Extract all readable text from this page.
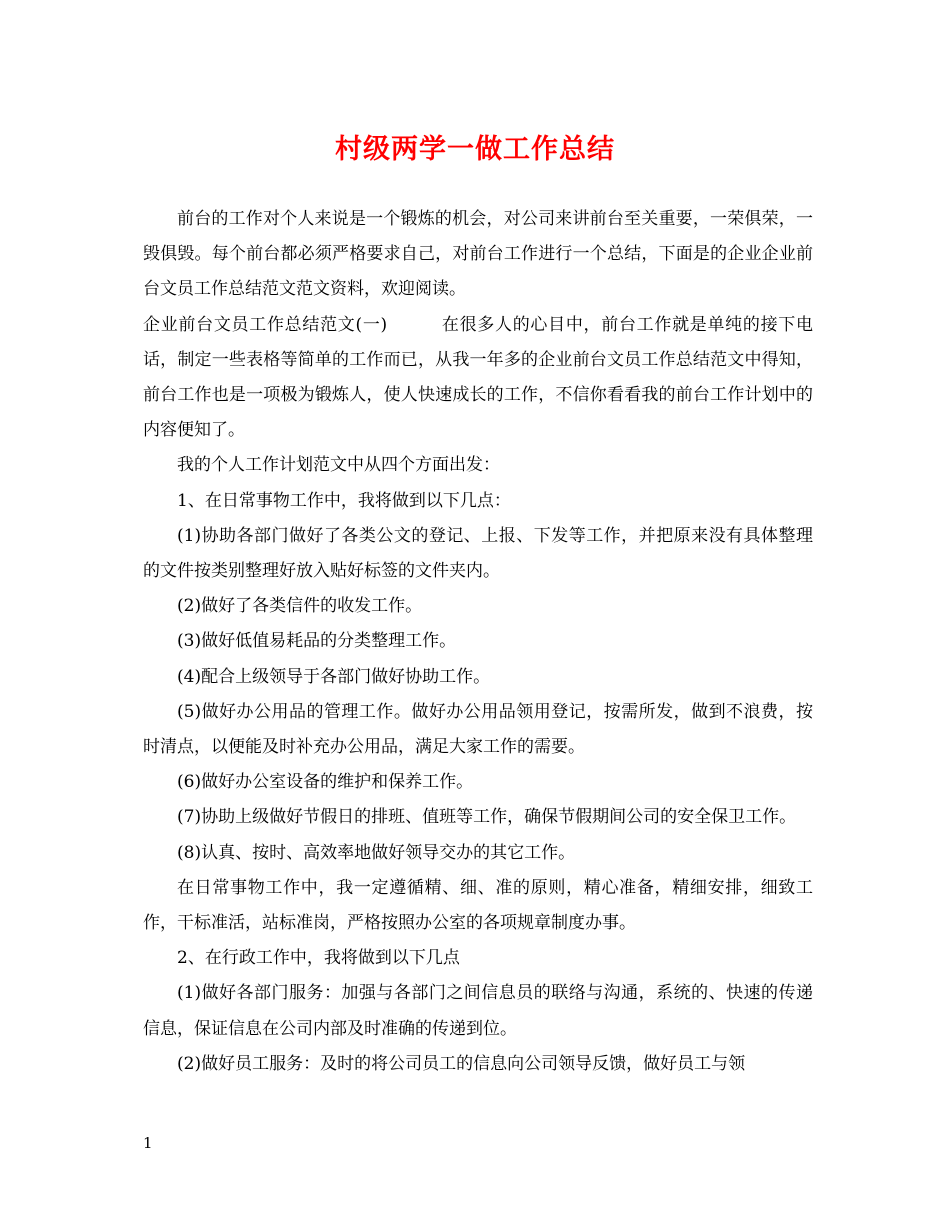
村级两学一做工作总结

前台的工作对个人来说是一个锻炼的机会，对公司来讲前台至关重要，一荣俱荣，一毁俱毁。每个前台都必须严格要求自己，对前台工作进行一个总结，下面是的企业企业前台文员工作总结范文范文资料，欢迎阅读。

企业前台文员工作总结范文(一)	在很多人的心目中，前台工作就是单纯的接下电话，制定一些表格等简单的工作而已，从我一年多的企业前台文员工作总结范文中得知，前台工作也是一项极为锻炼人，使人快速成长的工作，不信你看看我的前台工作计划中的内容便知了。

我的个人工作计划范文中从四个方面出发：

1、在日常事物工作中，我将做到以下几点：

(1)协助各部门做好了各类公文的登记、上报、下发等工作，并把原来没有具体整理的文件按类别整理好放入贴好标签的文件夹内。

(2)做好了各类信件的收发工作。

(3)做好低值易耗品的分类整理工作。

(4)配合上级领导于各部门做好协助工作。

(5)做好办公用品的管理工作。做好办公用品领用登记，按需所发，做到不浪费，按时清点，以便能及时补充办公用品，满足大家工作的需要。

(6)做好办公室设备的维护和保养工作。

(7)协助上级做好节假日的排班、值班等工作，确保节假期间公司的安全保卫工作。

(8)认真、按时、高效率地做好领导交办的其它工作。

在日常事物工作中，我一定遵循精、细、准的原则，精心准备，精细安排，细致工作，干标准活，站标准岗，严格按照办公室的各项规章制度办事。

2、在行政工作中，我将做到以下几点

(1)做好各部门服务：加强与各部门之间信息员的联络与沟通，系统的、快速的传递信息，保证信息在公司内部及时准确的传递到位。

(2)做好员工服务：及时的将公司员工的信息向公司领导反馈，做好员工与领

1
